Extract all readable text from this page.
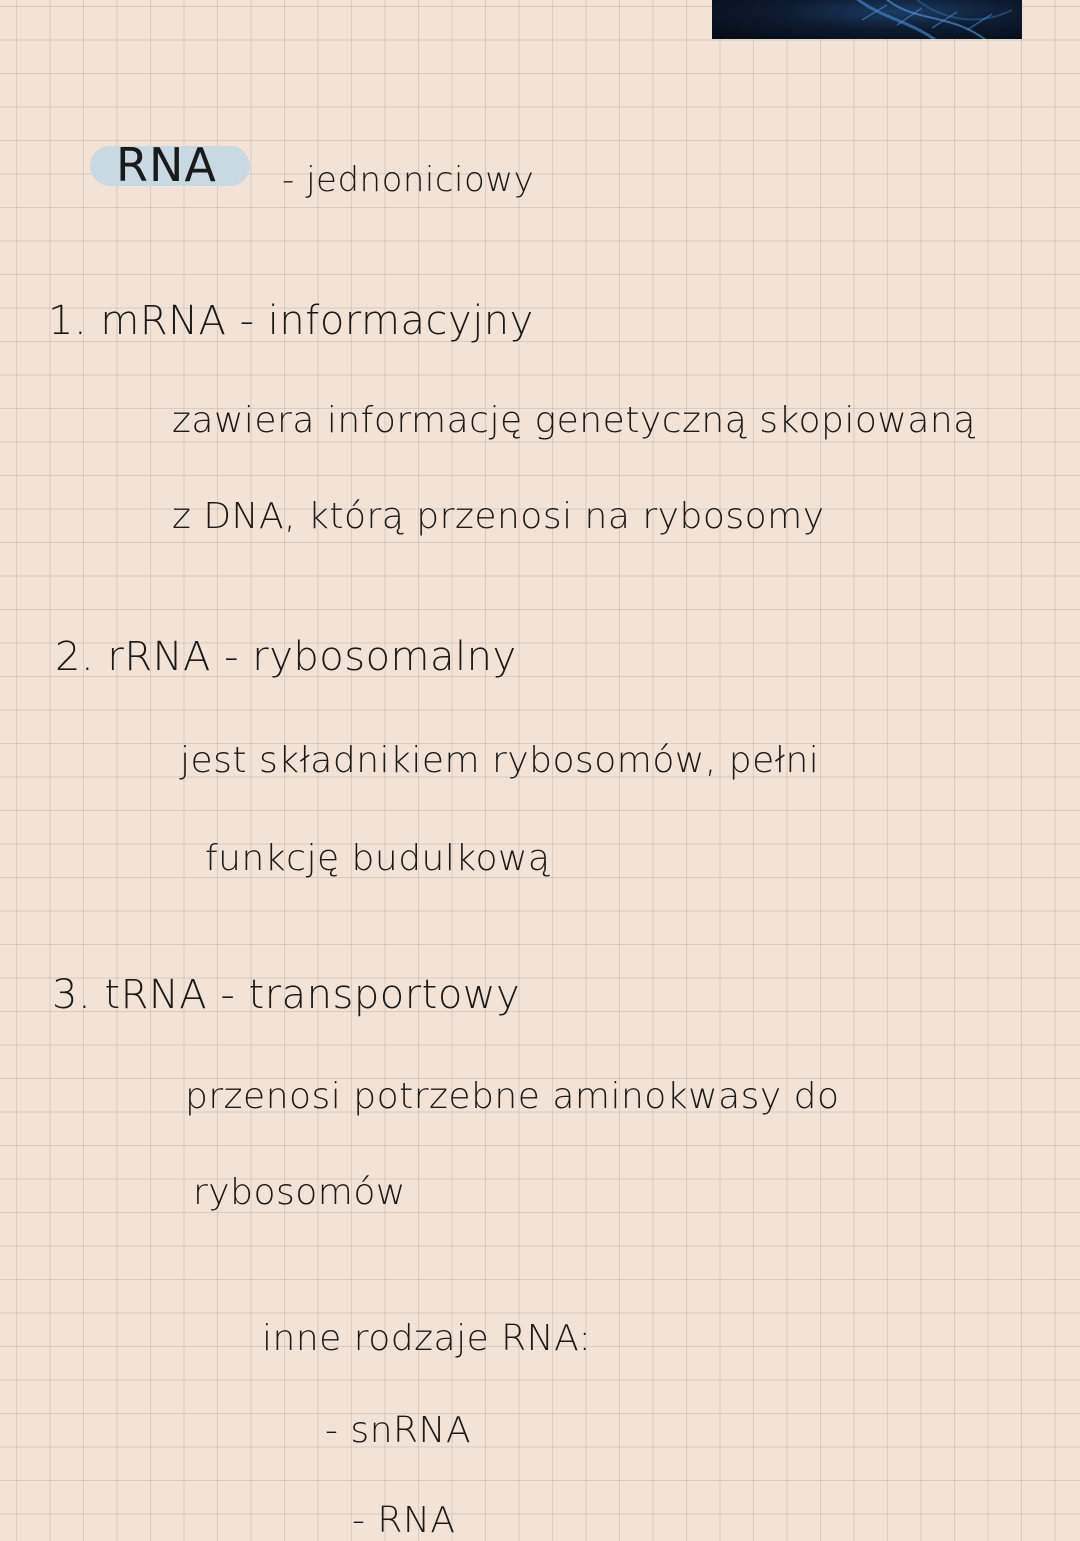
RNA - jednoniciowy
1. mRNA - informacyjny
zawiera informację genetyczną skopiowaną
z DNA, którą przenosi na rybosomy
2. rRNA - rybosomalny
jest składnikiem rybosomów, pełni
funkcję budulkową
3. tRNA - transportowy
przenosi potrzebne aminokwasy do
rybosomów
inne rodzaje RNA:
- snRNA
- RNA
